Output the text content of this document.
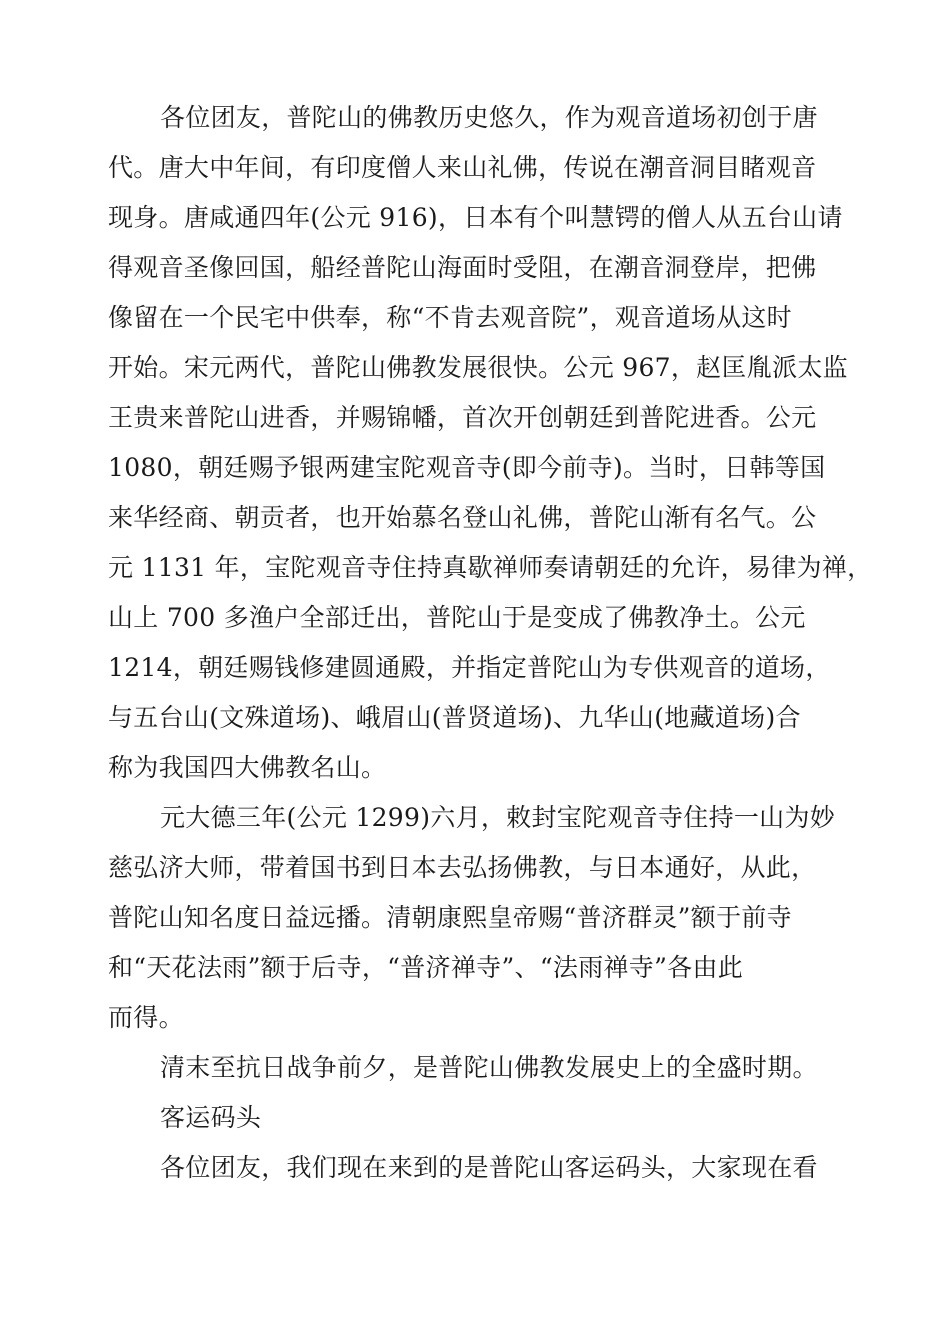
各位团友，普陀山的佛教历史悠久，作为观音道场初创于唐

代。唐大中年间，有印度僧人来山礼佛，传说在潮音洞目睹观音

现身。唐咸通四年(公元 916)，日本有个叫慧锷的僧人从五台山请

得观音圣像回国，船经普陀山海面时受阻，在潮音洞登岸，把佛

像留在一个民宅中供奉，称“不肯去观音院”，观音道场从这时

开始。宋元两代，普陀山佛教发展很快。公元 967，赵匡胤派太监

王贵来普陀山进香，并赐锦幡，首次开创朝廷到普陀进香。公元

1080，朝廷赐予银两建宝陀观音寺(即今前寺)。当时，日韩等国

来华经商、朝贡者，也开始慕名登山礼佛，普陀山渐有名气。公

元 1131 年，宝陀观音寺住持真歇禅师奏请朝廷的允许，易律为禅，

山上 700 多渔户全部迁出，普陀山于是变成了佛教净土。公元

1214，朝廷赐钱修建圆通殿，并指定普陀山为专供观音的道场，

与五台山(文殊道场)、峨眉山(普贤道场)、九华山(地藏道场)合

称为我国四大佛教名山。

元大德三年(公元 1299)六月，敕封宝陀观音寺住持一山为妙

慈弘济大师，带着国书到日本去弘扬佛教，与日本通好，从此，

普陀山知名度日益远播。清朝康熙皇帝赐“普济群灵”额于前寺

和“天花法雨”额于后寺，“普济禅寺”、“法雨禅寺”各由此

而得。

清末至抗日战争前夕，是普陀山佛教发展史上的全盛时期。

客运码头

各位团友，我们现在来到的是普陀山客运码头，大家现在看
